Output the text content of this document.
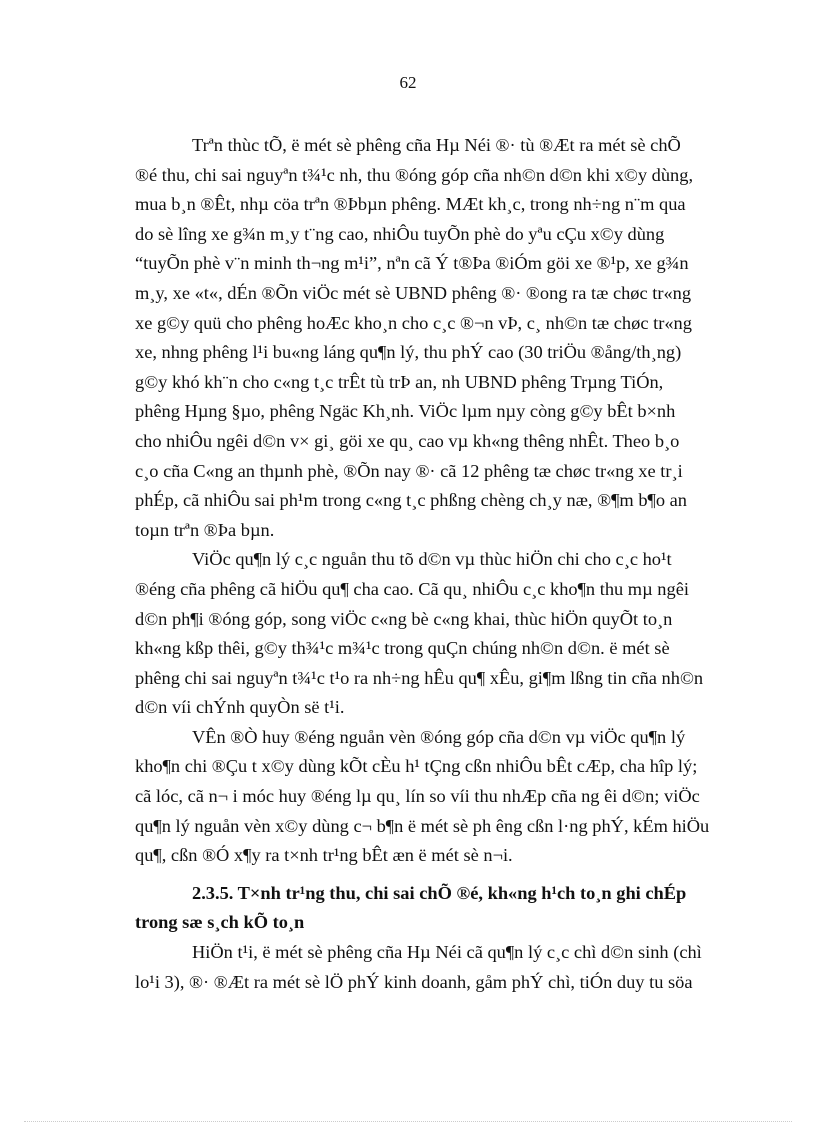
62

Trªn thùc tÕ, ë mét sè phêng cña Hµ Néi ®· tù ®Æt ra mét sè chÕ
®é thu, chi sai nguyªn t¾¹c nh, thu ®óng góp cña nh©n d©n khi x©y dùng,
mua b¸n ®Êt, nhµ cöa trªn ®Þbµn phêng. MÆt kh¸c, trong nh÷ng n¨m qua
do sè lîng xe g¾n m¸y t¨ng cao, nhiÔu tuyÕn phè do yªu cÇu x©y dùng
“tuyÕn phè v¨n minh th¬ng m¹i”, nªn cã Ý t®Þa ®iÓm göi xe ®¹p, xe g¾n
m¸y, xe «t«, dÉn ®Õn viÖc mét sè UBND phêng ®· ®ong ra tæ chøc tr«ng
xe g©y quü cho phêng hoÆc kho¸n cho c¸c ®¬n vÞ, c¸ nh©n tæ chøc tr«ng
xe, nhng phêng l¹i bu«ng láng qu¶n lý, thu phÝ cao (30 triÖu ®ång/th¸ng)
g©y khó kh¨n cho c«ng t¸c trÊt tù trÞ an, nh UBND phêng Trµng TiÓn,
phêng Hµng §µo, phêng Ngäc Kh¸nh. ViÖc lµm nµy còng g©y bÊt b×nh
cho nhiÔu ngêi d©n v× gi¸ göi xe qu¸ cao vµ kh«ng thêng nhÊt. Theo b¸o
c¸o cña C«ng an thµnh phè, ®Õn nay ®· cã 12 phêng tæ chøc tr«ng xe tr¸i
phÉp, cã nhiÔu sai ph¹m trong c«ng t¸c phßng chèng ch¸y næ, ®¶m b¶o an
toµn trªn ®Þa bµn.

ViÖc qu¶n lý c¸c nguån thu tõ d©n vµ thùc hiÖn chi cho c¸c ho¹t
®éng cña phêng cã hiÖu qu¶ cha cao. Cã qu¸ nhiÔu c¸c kho¶n thu mµ ngêi
d©n ph¶i ®óng góp, song viÖc c«ng bè c«ng khai, thùc hiÖn quyÕt to¸n
kh«ng kßp thêi, g©y th¾¹c m¾¹c trong quÇn chúng nh©n d©n. ë mét sè
phêng chi sai nguyªn t¾¹c t¹o ra nh÷ng hÊu qu¶ xÊu, gi¶m lßng tin cña nh©n
d©n víi chÝnh quyÒn së t¹i.

VÊn ®Ò huy ®éng nguån vèn ®óng góp cña d©n vµ viÖc qu¶n lý
kho¶n chi ®Çu t x©y dùng kÕt cÈu h¹ tÇng cßn nhiÔu bÊt cÆp, cha hîp lý;
cã lóc, cã n¬ i móc huy ®éng lµ qu¸ lín so víi thu nhÆp cña ng êi d©n; viÖc
qu¶n lý nguån vèn x©y dùng c¬ b¶n ë mét sè ph êng cßn l·ng phÝ, kÉm hiÖu
qu¶, cßn ®Ó x¶y ra t×nh tr¹ng bÊt æn ë mét sè n¬i.

2.3.5. T×nh tr¹ng thu, chi sai chÕ ®é, kh«ng h¹ch to¸n ghi chÉp
trong sæ s¸ch kÕ to¸n

HiÖn t¹i, ë mét sè phêng cña Hµ Néi cã qu¶n lý c¸c chì d©n sinh (chì
lo¹i 3), ®· ®Æt ra mét sè lÖ phÝ kinh doanh, gåm phÝ chì, tiÓn duy tu söa
